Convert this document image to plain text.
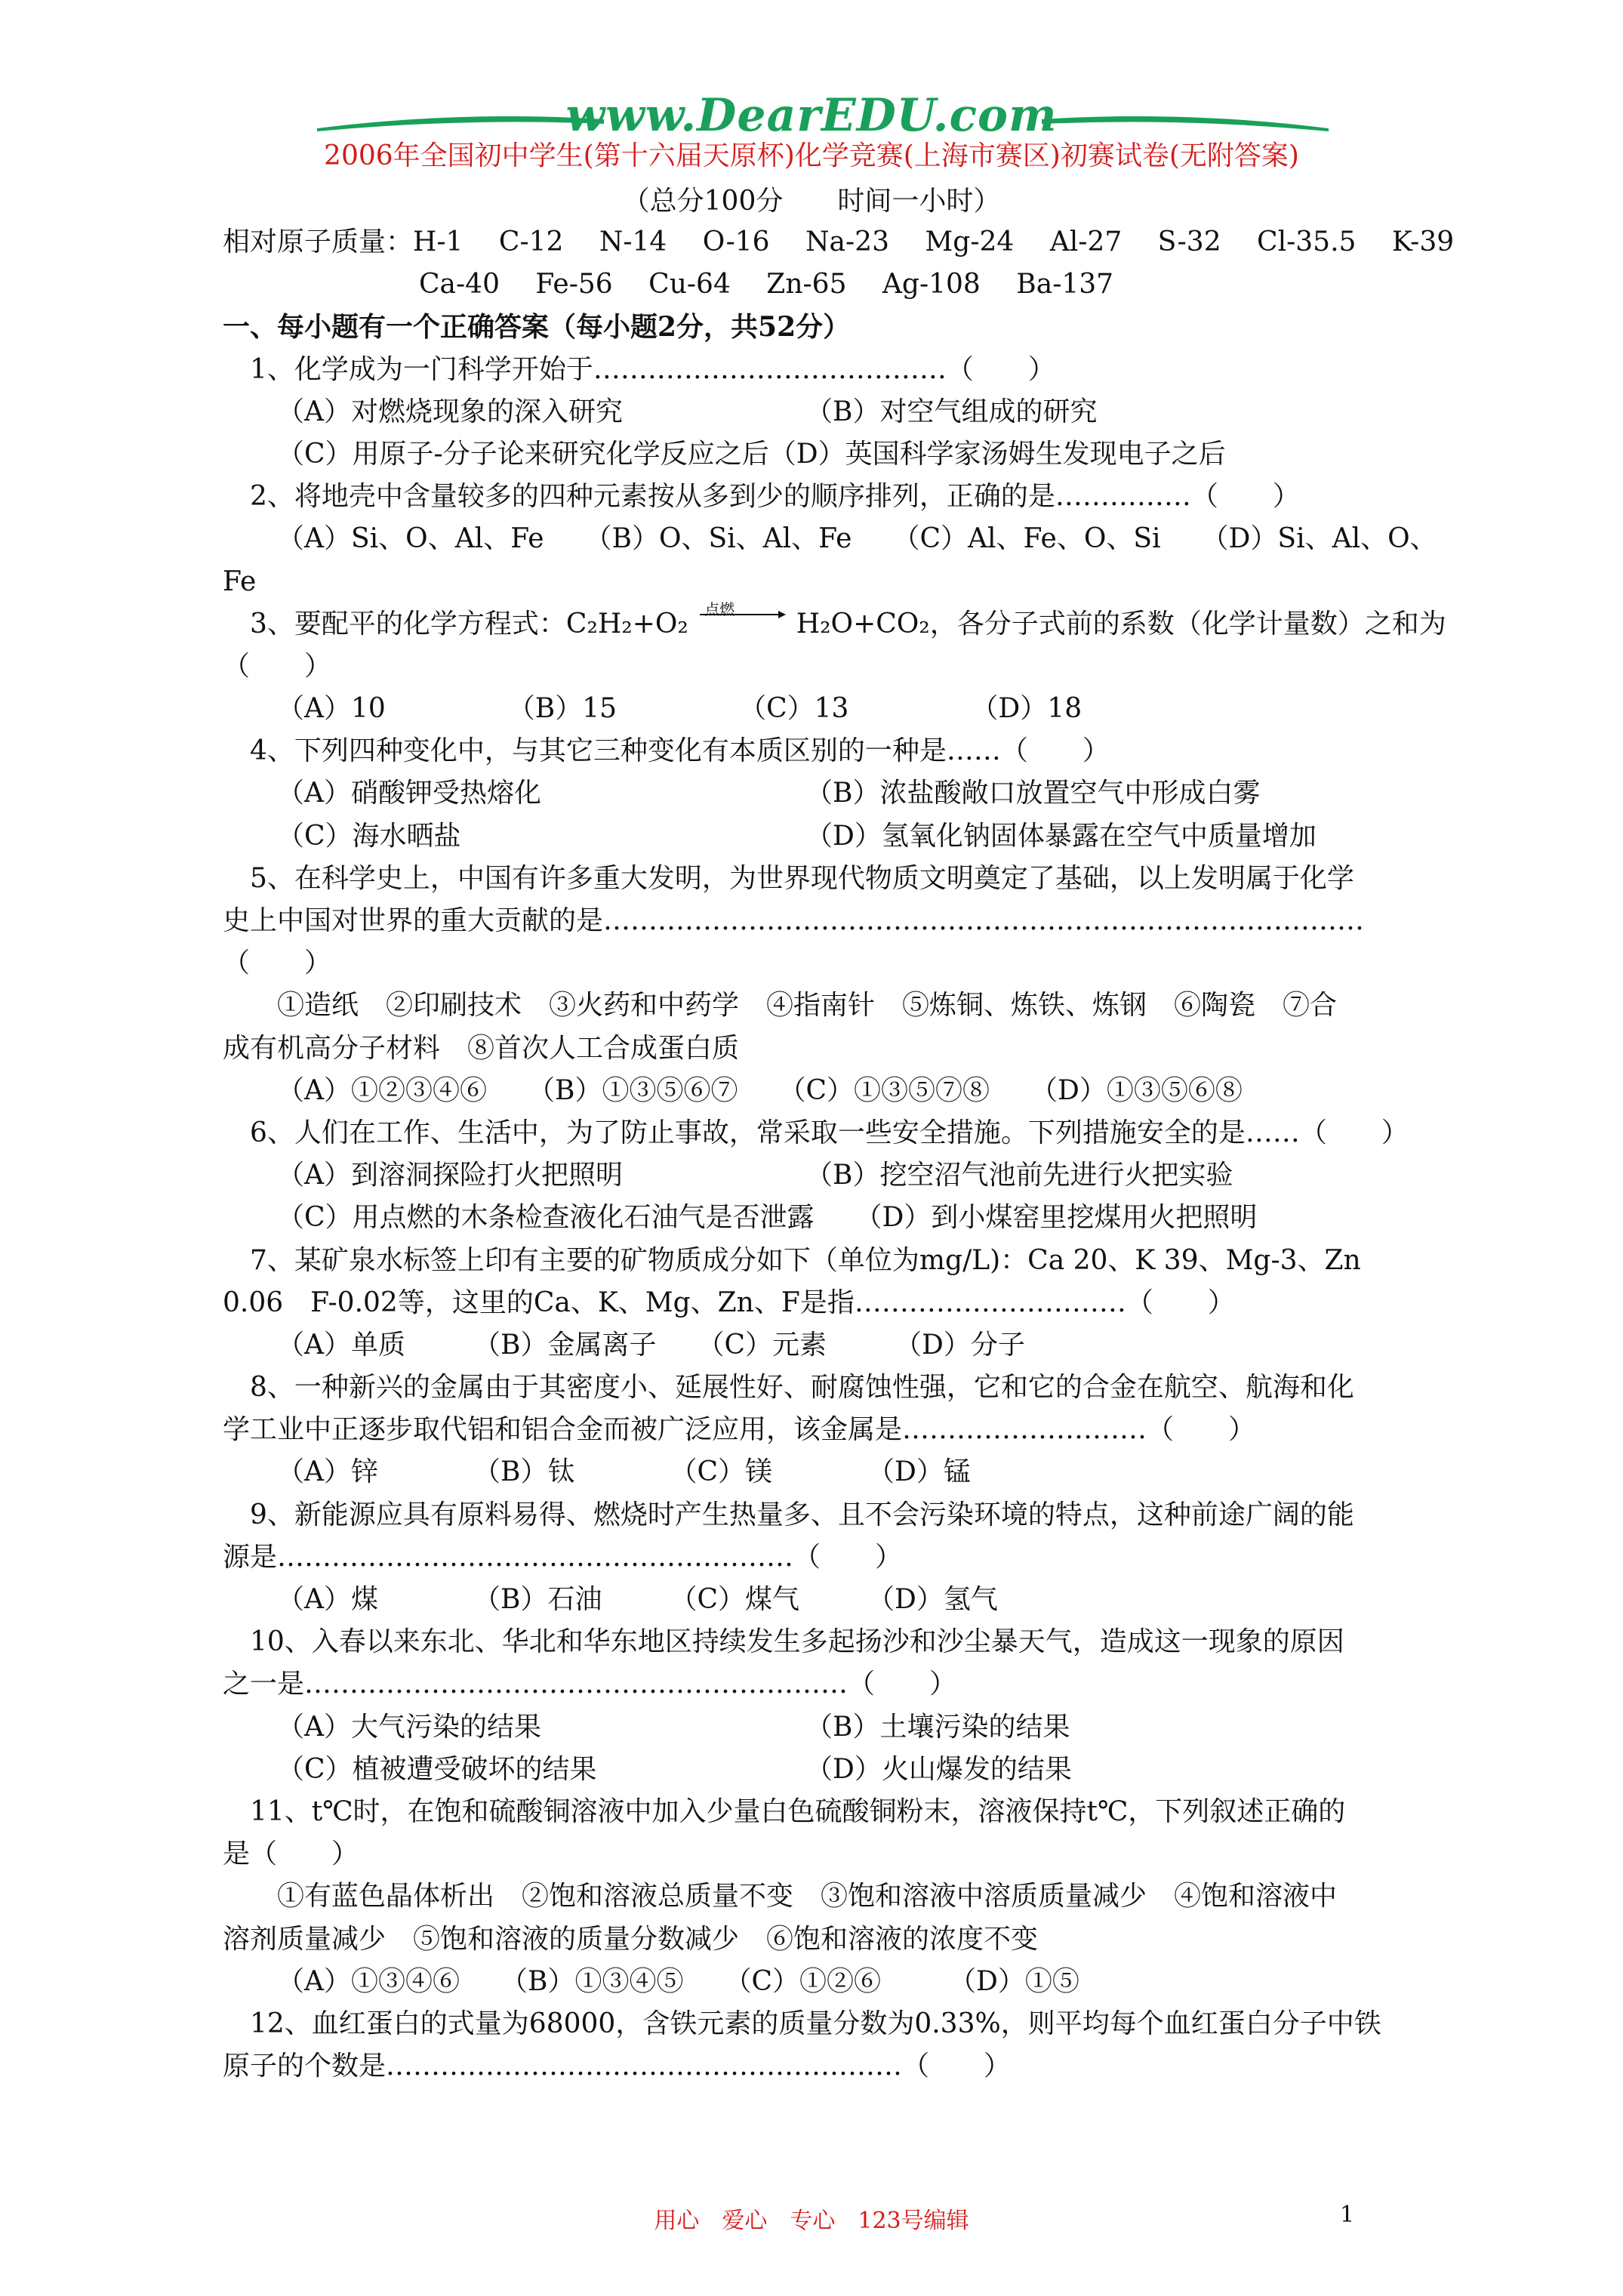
www.DearEDU.com
2006年全国初中学生(第十六届天原杯)化学竞赛(上海市赛区)初赛试卷(无附答案)
（总分100分　　时间一小时）
相对原子质量：H-1　 C-12　 N-14　 O-16　 Na-23　 Mg-24　 Al-27　 S-32　 Cl-35.5　 K-39
Ca-40　 Fe-56　 Cu-64　 Zn-65　 Ag-108　 Ba-137
一、每小题有一个正确答案（每小题2分，共52分）
1、化学成为一门科学开始于…………………………………（　　）
（A）对燃烧现象的深入研究	（B）对空气组成的研究
（C）用原子-分子论来研究化学反应之后（D）英国科学家汤姆生发现电子之后
2、将地壳中含量较多的四种元素按从多到少的顺序排列，正确的是……………（　　）
（A）Si、O、Al、Fe　　（B）O、Si、Al、Fe　　（C）Al、Fe、O、Si　　（D）Si、Al、O、
Fe
3、要配平的化学方程式：C₂H₂+O₂ 点燃 H₂O+CO₂，各分子式前的系数（化学计量数）之和为
（　　）
（A）10　　　　　（B）15　　　　　（C）13　　　　　（D）18
4、下列四种变化中，与其它三种变化有本质区别的一种是……（　　）
（A）硝酸钾受热熔化	（B）浓盐酸敞口放置空气中形成白雾
（C）海水晒盐	（D）氢氧化钠固体暴露在空气中质量增加
5、在科学史上，中国有许多重大发明，为世界现代物质文明奠定了基础，以上发明属于化学
史上中国对世界的重大贡献的是…………………………………………………………………………
（　　）
①造纸　②印刷技术　③火药和中药学　④指南针　⑤炼铜、炼铁、炼钢　⑥陶瓷　⑦合
成有机高分子材料　⑧首次人工合成蛋白质
（A）①②③④⑥　　（B）①③⑤⑥⑦　　（C）①③⑤⑦⑧　　（D）①③⑤⑥⑧
6、人们在工作、生活中，为了防止事故，常采取一些安全措施。下列措施安全的是……（　　）
（A）到溶洞探险打火把照明	（B）挖空沼气池前先进行火把实验
（C）用点燃的木条检查液化石油气是否泄露　　（D）到小煤窑里挖煤用火把照明
7、某矿泉水标签上印有主要的矿物质成分如下（单位为mg/L)：Ca 20、K 39、Mg-3、Zn
0.06　F-0.02等，这里的Ca、K、Mg、Zn、F是指…………………………（　　）
（A）单质　　　（B）金属离子　　（C）元素　　　（D）分子
8、一种新兴的金属由于其密度小、延展性好、耐腐蚀性强，它和它的合金在航空、航海和化
学工业中正逐步取代铝和铝合金而被广泛应用，该金属是………………………（　　）
（A）锌　　　　（B）钛　　　　（C）镁　　　　（D）锰
9、新能源应具有原料易得、燃烧时产生热量多、且不会污染环境的特点，这种前途广阔的能
源是…………………………………………………（　　）
（A）煤　　　　（B）石油　　　（C）煤气　　　（D）氢气
10、入春以来东北、华北和华东地区持续发生多起扬沙和沙尘暴天气，造成这一现象的原因
之一是……………………………………………………（　　）
（A）大气污染的结果	（B）土壤污染的结果
（C）植被遭受破坏的结果	（D）火山爆发的结果
11、t℃时，在饱和硫酸铜溶液中加入少量白色硫酸铜粉末，溶液保持t℃，下列叙述正确的
是（　　）
①有蓝色晶体析出　②饱和溶液总质量不变　③饱和溶液中溶质质量减少　④饱和溶液中
溶剂质量减少　⑤饱和溶液的质量分数减少　⑥饱和溶液的浓度不变
（A）①③④⑥　　（B）①③④⑤　　（C）①②⑥　　　（D）①⑤
12、血红蛋白的式量为68000，含铁元素的质量分数为0.33%，则平均每个血红蛋白分子中铁
原子的个数是…………………………………………………（　　）
用心　爱心　专心　123号编辑	1
